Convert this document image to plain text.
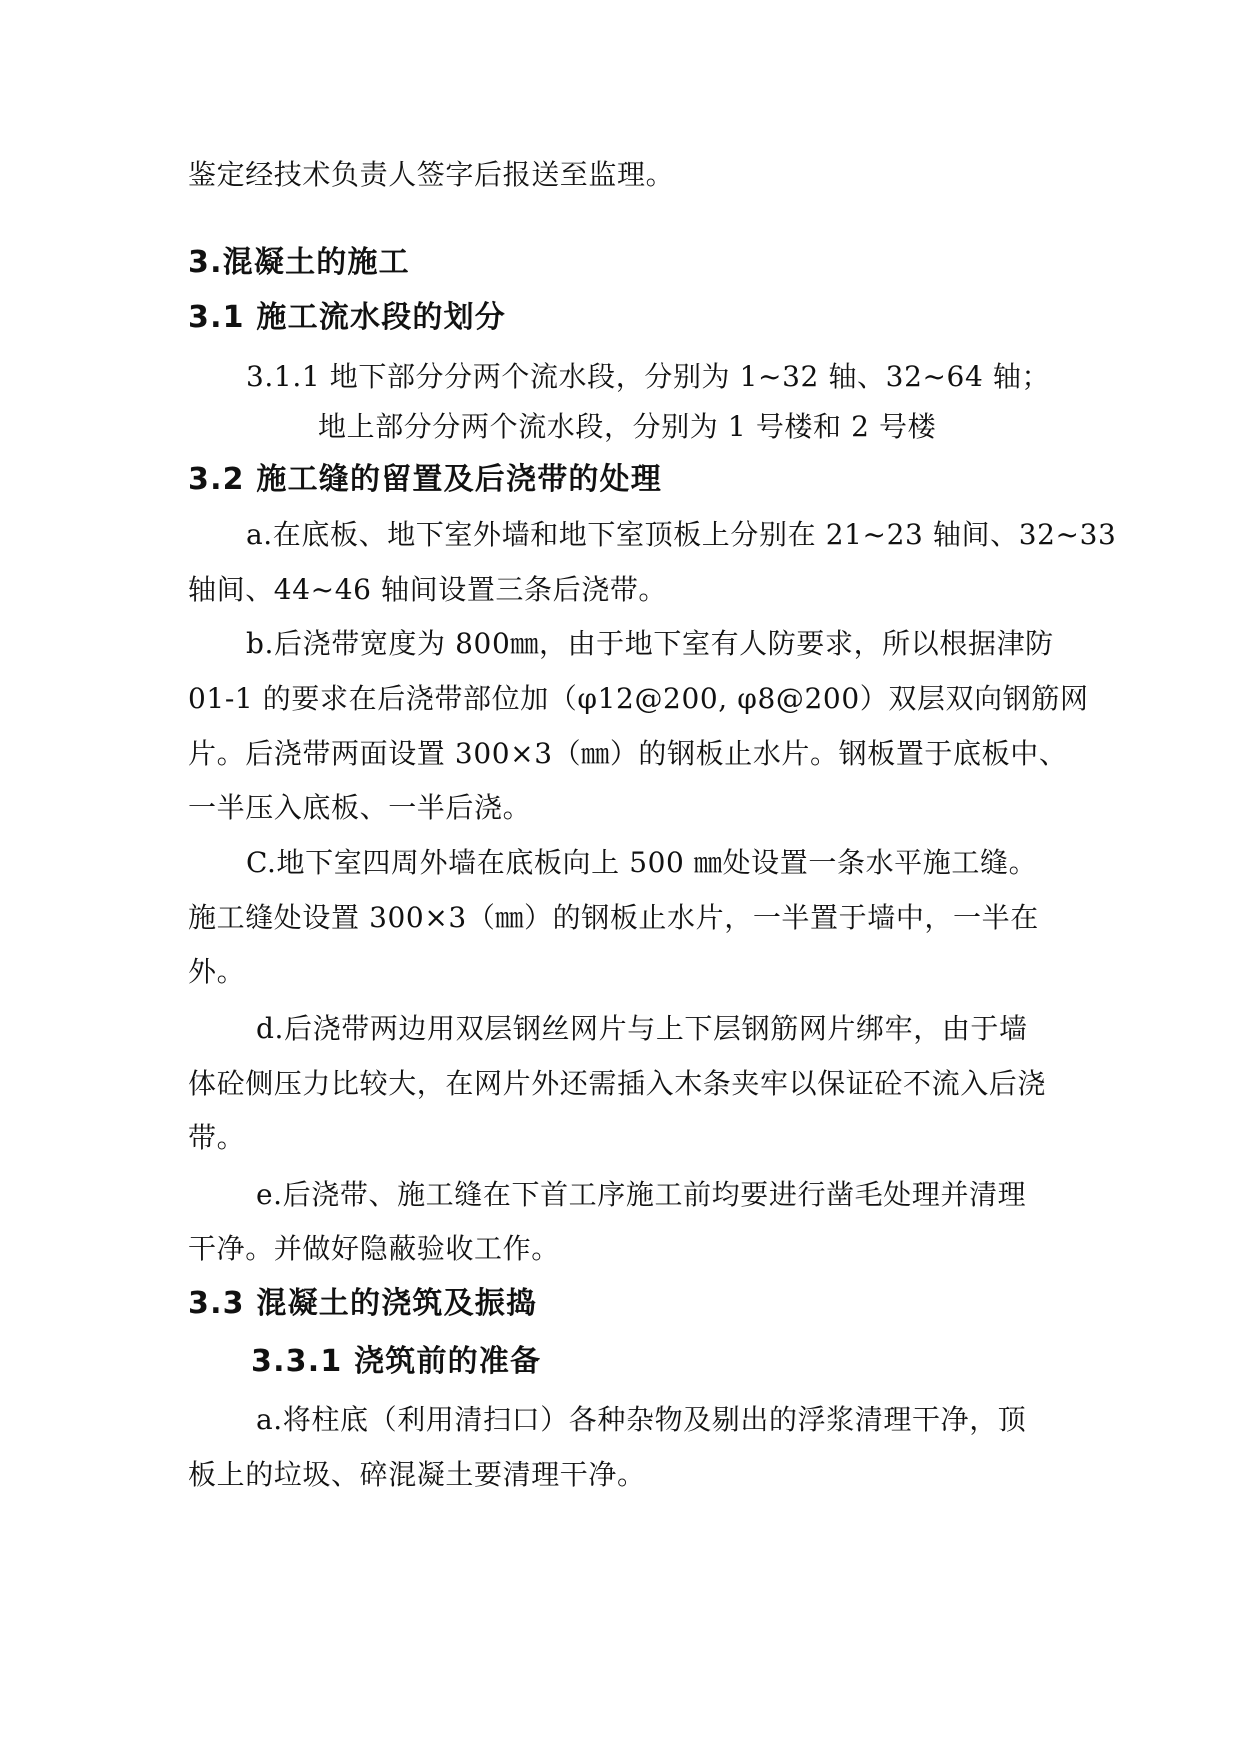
鉴定经技术负责人签字后报送至监理。
3.混凝土的施工
3.1 施工流水段的划分
3.1.1 地下部分分两个流水段，分别为 1~32 轴、32~64 轴；
地上部分分两个流水段，分别为 1 号楼和 2 号楼
3.2 施工缝的留置及后浇带的处理
a.在底板、地下室外墙和地下室顶板上分别在 21~23 轴间、32~33
轴间、44~46 轴间设置三条后浇带。
b.后浇带宽度为 800㎜，由于地下室有人防要求，所以根据津防
01-1 的要求在后浇带部位加（φ12@200, φ8@200）双层双向钢筋网
片。后浇带两面设置 300×3（㎜）的钢板止水片。钢板置于底板中、
一半压入底板、一半后浇。
C.地下室四周外墙在底板向上 500 ㎜处设置一条水平施工缝。
施工缝处设置 300×3（㎜）的钢板止水片，一半置于墙中，一半在
外。
d.后浇带两边用双层钢丝网片与上下层钢筋网片绑牢，由于墙
体砼侧压力比较大，在网片外还需插入木条夹牢以保证砼不流入后浇
带。
e.后浇带、施工缝在下首工序施工前均要进行凿毛处理并清理
干净。并做好隐蔽验收工作。
3.3 混凝土的浇筑及振捣
3.3.1 浇筑前的准备
a.将柱底（利用清扫口）各种杂物及剔出的浮浆清理干净，顶
板上的垃圾、碎混凝土要清理干净。
